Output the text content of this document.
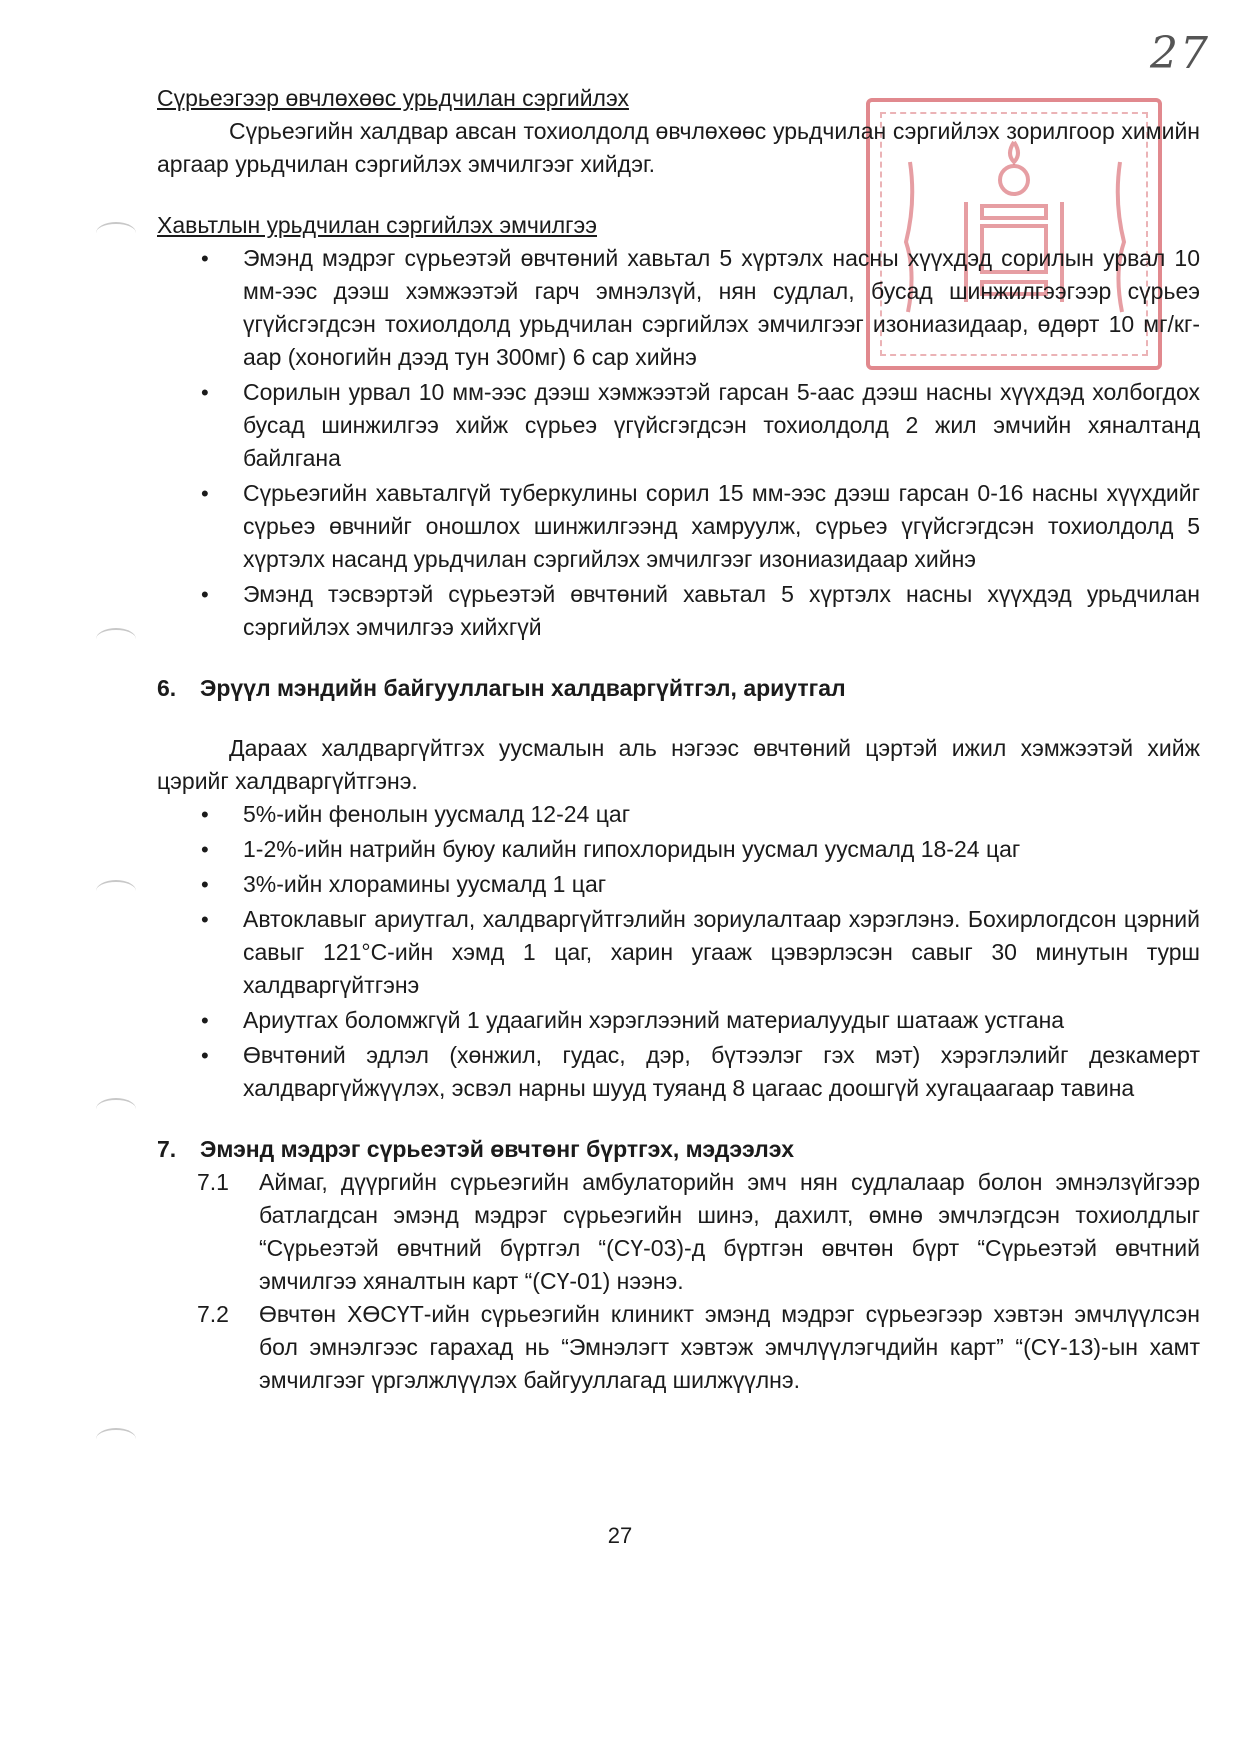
27
Сүрьеэгээр өвчлөхөөс урьдчилан сэргийлэх

Сүрьеэгийн халдвар авсан тохиолдолд өвчлөхөөс урьдчилан сэргийлэх зорилгоор химийн аргаар урьдчилан сэргийлэх эмчилгээг хийдэг.

Хавьтлын урьдчилан сэргийлэх эмчилгээ
• Эмэнд мэдрэг сүрьеэтэй өвчтөний хавьтал 5 хүртэлх насны хүүхдэд сорилын урвал 10 мм-ээс дээш хэмжээтэй гарч эмнэлзүй, нян судлал, бусад шинжилгээгээр сүрьеэ үгүйсгэгдсэн тохиолдолд урьдчилан сэргийлэх эмчилгээг изониазидаар, өдөрт 10 мг/кг-аар (хоногийн дээд тун 300мг) 6 сар хийнэ
• Сорилын урвал 10 мм-ээс дээш хэмжээтэй гарсан 5-аас дээш насны хүүхдэд холбогдох бусад шинжилгээ хийж сүрьеэ үгүйсгэгдсэн тохиолдолд 2 жил эмчийн хяналтанд байлгана
• Сүрьеэгийн хавьталгүй туберкулины сорил 15 мм-ээс дээш гарсан 0-16 насны хүүхдийг сүрьеэ өвчнийг оношлох шинжилгээнд хамруулж, сүрьеэ үгүйсгэгдсэн тохиолдолд 5 хүртэлх насанд урьдчилан сэргийлэх эмчилгээг изониазидаар хийнэ
• Эмэнд тэсвэртэй сүрьеэтэй өвчтөний хавьтал 5 хүртэлх насны хүүхдэд урьдчилан сэргийлэх эмчилгээ хийхгүй
6.	Эрүүл мэндийн байгууллагын халдваргүйтгэл, ариутгал

Дараах халдваргүйтгэх уусмалын аль нэгээс өвчтөний цэртэй ижил хэмжээтэй хийж цэрийг халдваргүйтгэнэ.

• 5%-ийн фенолын уусмалд 12-24 цаг
• 1-2%-ийн натрийн буюу калийн гипохлоридын уусмал уусмалд 18-24 цаг
• 3%-ийн хлорамины уусмалд 1 цаг
• Автоклавыг ариутгал, халдваргүйтгэлийн зориулалтаар хэрэглэнэ. Бохирлогдсон цэрний савыг 121°С-ийн хэмд 1 цаг, харин угааж цэвэрлэсэн савыг 30 минутын турш халдваргүйтгэнэ
• Ариутгах боломжгүй 1 удаагийн хэрэглээний материалуудыг шатааж устгана
• Өвчтөний эдлэл (хөнжил, гудас, дэр, бүтээлэг гэх мэт) хэрэглэлийг дезкамерт халдваргүйжүүлэх, эсвэл нарны шууд туяанд 8 цагаас доошгүй хугацаагаар тавина
7.	Эмэнд мэдрэг сүрьеэтэй өвчтөнг бүртгэх, мэдээлэх
7.1	Аймаг, дүүргийн сүрьеэгийн амбулаторийн эмч нян судлалаар болон эмнэлзүйгээр батлагдсан эмэнд мэдрэг сүрьеэгийн шинэ, дахилт, өмнө эмчлэгдсэн тохиолдлыг “Сүрьеэтэй өвчтний бүртгэл “(СҮ-03)-д бүртгэн өвчтөн бүрт “Сүрьеэтэй өвчтний эмчилгээ хяналтын карт “(СҮ-01) нээнэ.
7.2	Өвчтөн ХӨСҮТ-ийн сүрьеэгийн клиникт эмэнд мэдрэг сүрьеэгээр хэвтэн эмчлүүлсэн бол эмнэлгээс гарахад нь “Эмнэлэгт хэвтэж эмчлүүлэгчдийн карт” “(СҮ-13)-ын хамт эмчилгээг үргэлжлүүлэх байгууллагад шилжүүлнэ.
27
